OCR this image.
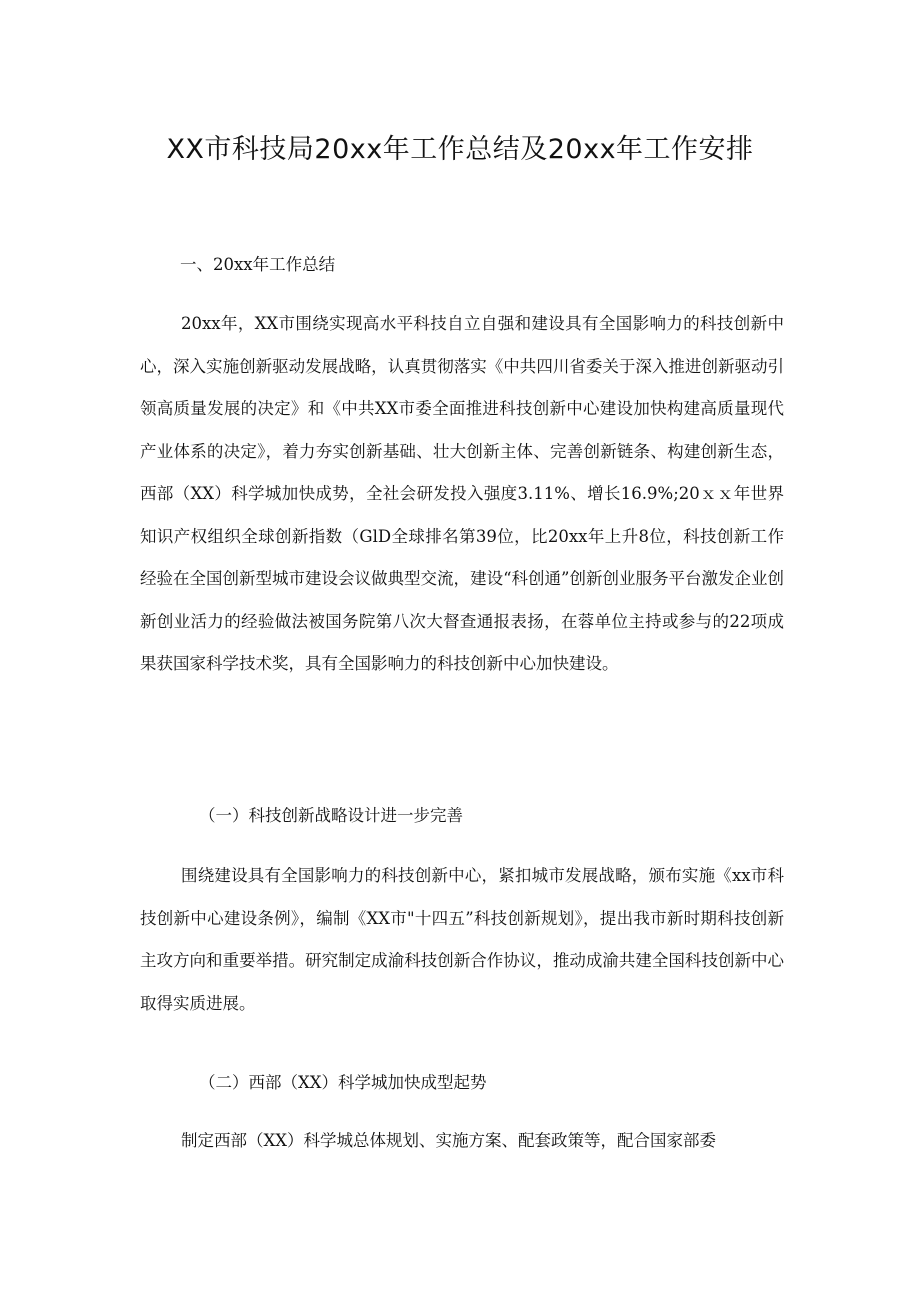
XX市科技局20xx年工作总结及20xx年工作安排

一、20xx年工作总结

20xx年，XX市围绕实现高水平科技自立自强和建设具有全国影响力的科技创新中心，深入实施创新驱动发展战略，认真贯彻落实《中共四川省委关于深入推进创新驱动引领高质量发展的决定》和《中共XX市委全面推进科技创新中心建设加快构建高质量现代产业体系的决定》，着力夯实创新基础、壮大创新主体、完善创新链条、构建创新生态，西部（XX）科学城加快成势，全社会研发投入强度3.11%、增长16.9%;20ｘｘ年世界知识产权组织全球创新指数（GlD全球排名第39位，比20xx年上升8位，科技创新工作经验在全国创新型城市建设会议做典型交流，建设“科创通”创新创业服务平台激发企业创新创业活力的经验做法被国务院第八次大督查通报表扬，在蓉单位主持或参与的22项成果获国家科学技术奖，具有全国影响力的科技创新中心加快建设。

（一）科技创新战略设计进一步完善

围绕建设具有全国影响力的科技创新中心，紧扣城市发展战略，颁布实施《xx市科技创新中心建设条例》，编制《XX市"十四五”科技创新规划》，提出我市新时期科技创新主攻方向和重要举措。研究制定成渝科技创新合作协议，推动成渝共建全国科技创新中心取得实质进展。

（二）西部（XX）科学城加快成型起势

制定西部（XX）科学城总体规划、实施方案、配套政策等，配合国家部委
